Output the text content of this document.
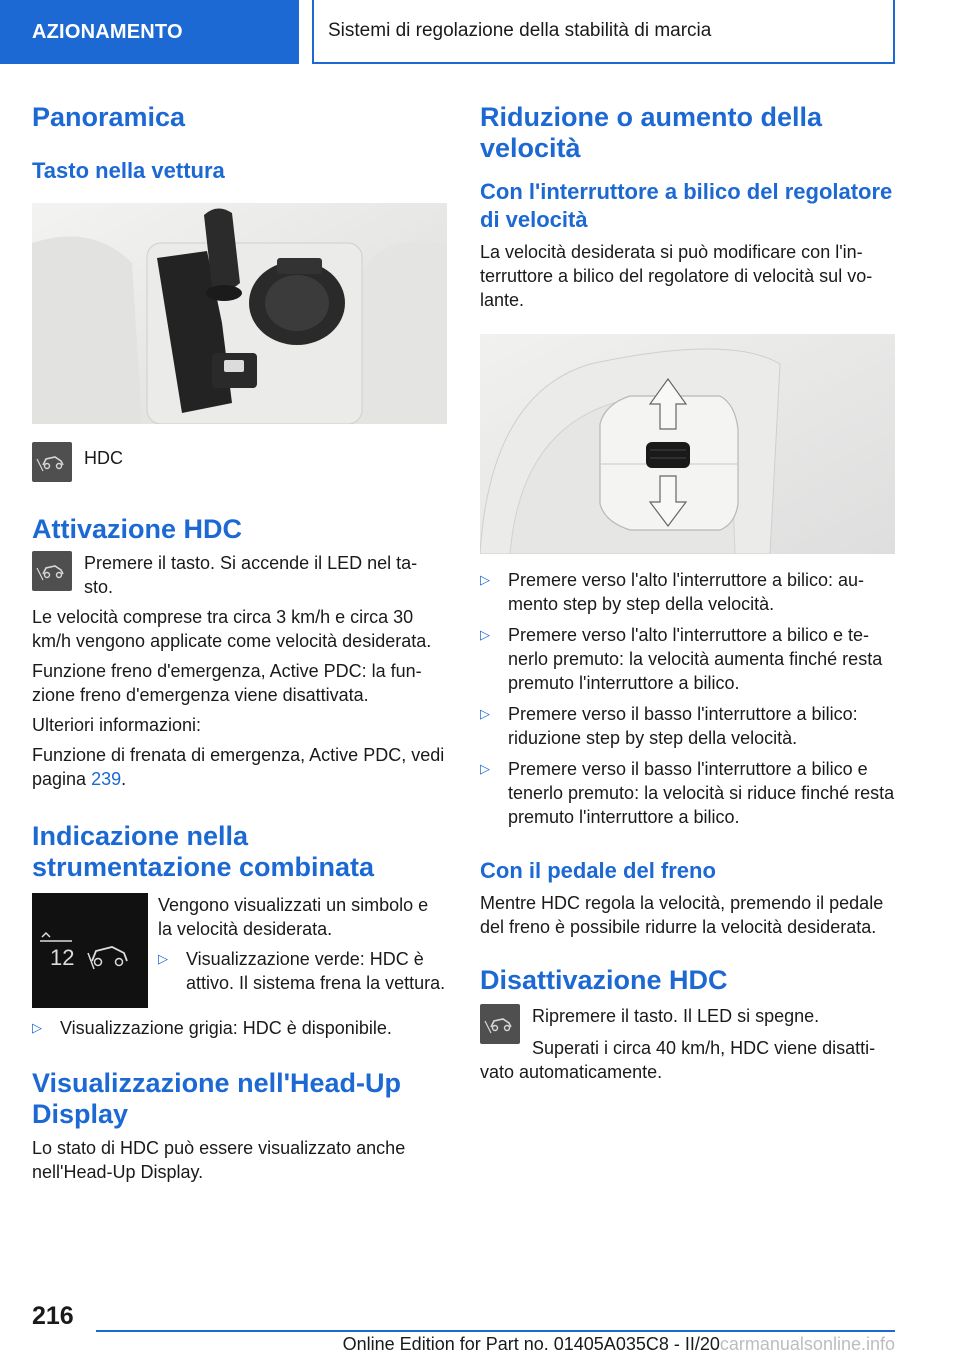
AZIONAMENTO	Sistemi di regolazione della stabilità di marcia
Panoramica
Tasto nella vettura

HDC

Attivazione HDC

Premere il tasto. Si accende il LED nel ta-

sto.

Le velocità comprese tra circa 3 km/h e circa 30 km/h vengono applicate come velocità desiderata.

Funzione freno d'emergenza, Active PDC: la funzione freno d'emergenza viene disattivata.

Ulteriori informazioni:

Funzione di frenata di emergenza, Active PDC, vedi pagina 239.

Indicazione nella strumentazione combinata
12

Vengono visualizzati un simbolo e la velocità desiderata.

▷	Visualizzazione verde: HDC è attivo. Il sistema frena la vettura.

▷	Visualizzazione grigia: HDC è disponibile.

Visualizzazione nell'Head-Up Display

Lo stato di HDC può essere visualizzato anche nell'Head-Up Display.

Riduzione o aumento della velocità
Con l'interruttore a bilico del regolatore di velocità

La velocità desiderata si può modificare con l'interruttore a bilico del regolatore di velocità sul volante.

▷	Premere verso l'alto l'interruttore a bilico: aumento step by step della velocità.

▷	Premere verso l'alto l'interruttore a bilico e tenerlo premuto: la velocità aumenta finché resta premuto l'interruttore a bilico.

▷	Premere verso il basso l'interruttore a bilico: riduzione step by step della velocità.

▷	Premere verso il basso l'interruttore a bilico e tenerlo premuto: la velocità si riduce finché resta premuto l'interruttore a bilico.

Con il pedale del freno

Mentre HDC regola la velocità, premendo il pedale del freno è possibile ridurre la velocità desiderata.

Disattivazione HDC

Ripremere il tasto. Il LED si spegne.

Superati i circa 40 km/h, HDC viene disatti-

vato automaticamente.

216
Online Edition for Part no. 01405A035C8 - II/20carmanualsonline.info
